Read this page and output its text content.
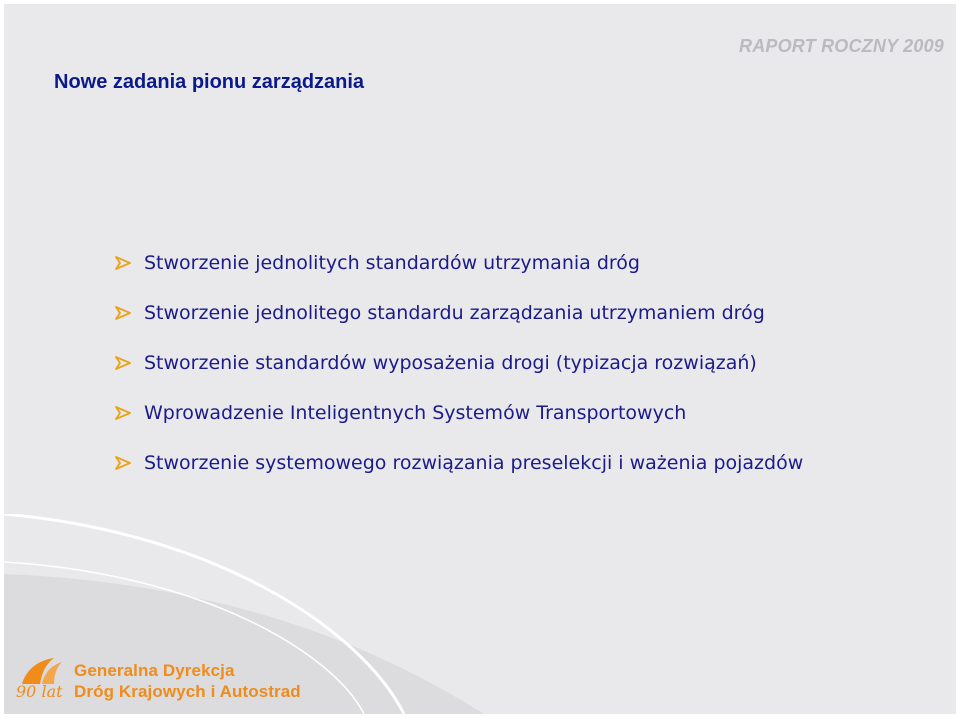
RAPORT ROCZNY 2009
Nowe zadania pionu zarządzania
Stworzenie jednolitych standardów utrzymania dróg
Stworzenie jednolitego standardu zarządzania utrzymaniem dróg
Stworzenie standardów wyposażenia drogi (typizacja rozwiązań)
Wprowadzenie Inteligentnych Systemów Transportowych
Stworzenie systemowego rozwiązania preselekcji i ważenia pojazdów
90 lat
Generalna Dyrekcja
Dróg Krajowych i Autostrad
